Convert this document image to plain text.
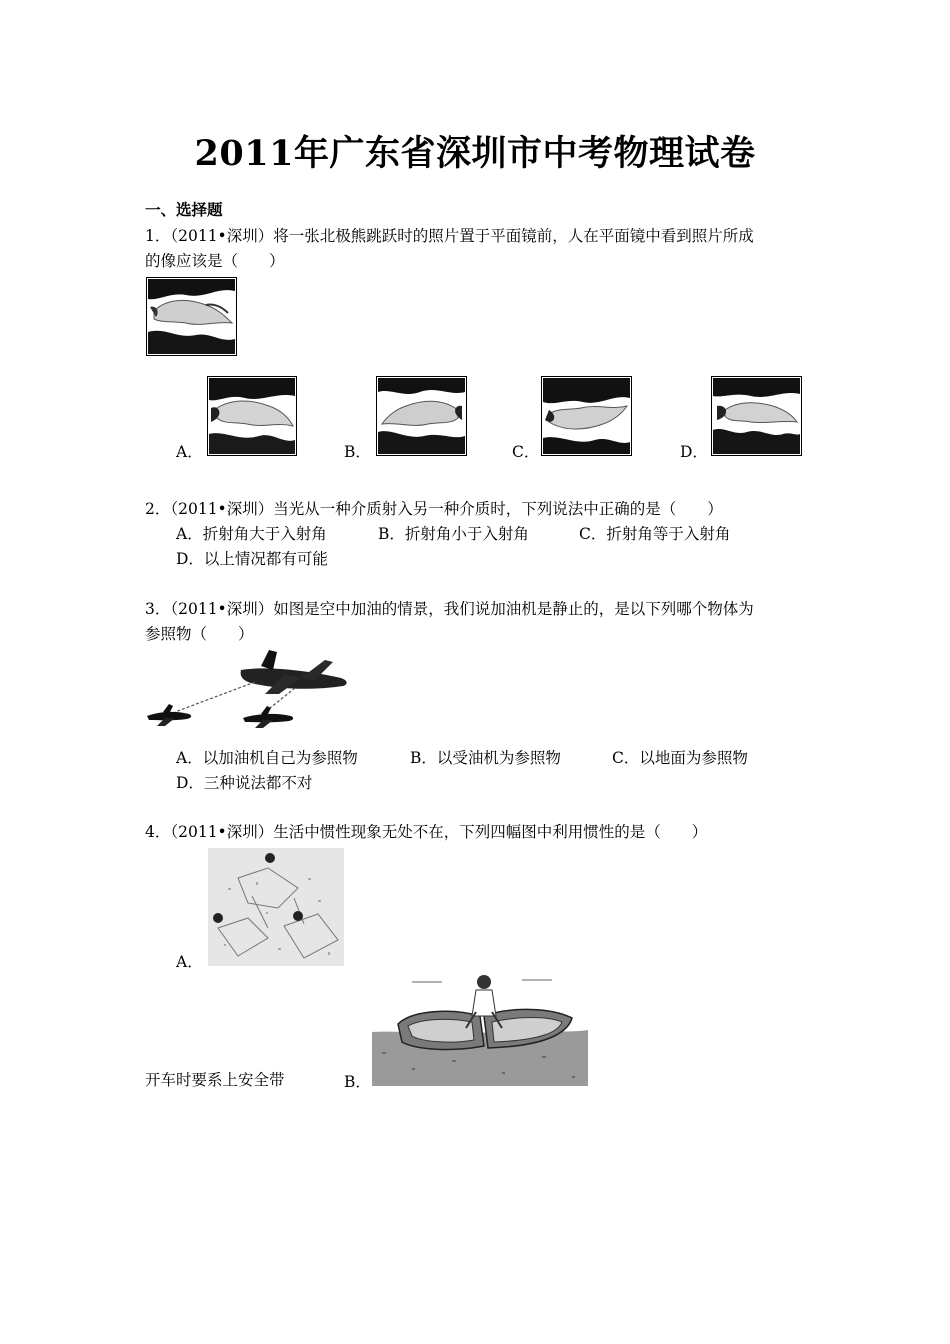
2011年广东省深圳市中考物理试卷
一、选择题
1．（2011•深圳）将一张北极熊跳跃时的照片置于平面镜前，人在平面镜中看到照片所成
的像应该是（　　）
A．	B．	C．	D．
2．（2011•深圳）当光从一种介质射入另一种介质时，下列说法中正确的是（　　）
A．折射角大于入射角	B．折射角小于入射角	C．折射角等于入射角
D．以上情况都有可能
3．（2011•深圳）如图是空中加油的情景，我们说加油机是静止的，是以下列哪个物体为
参照物（　　）
A．以加油机自己为参照物	B．以受油机为参照物	C．以地面为参照物
D．三种说法都不对
4．（2011•深圳）生活中惯性现象无处不在，下列四幅图中利用惯性的是（　　）
A．
开车时要系上安全带	B．
